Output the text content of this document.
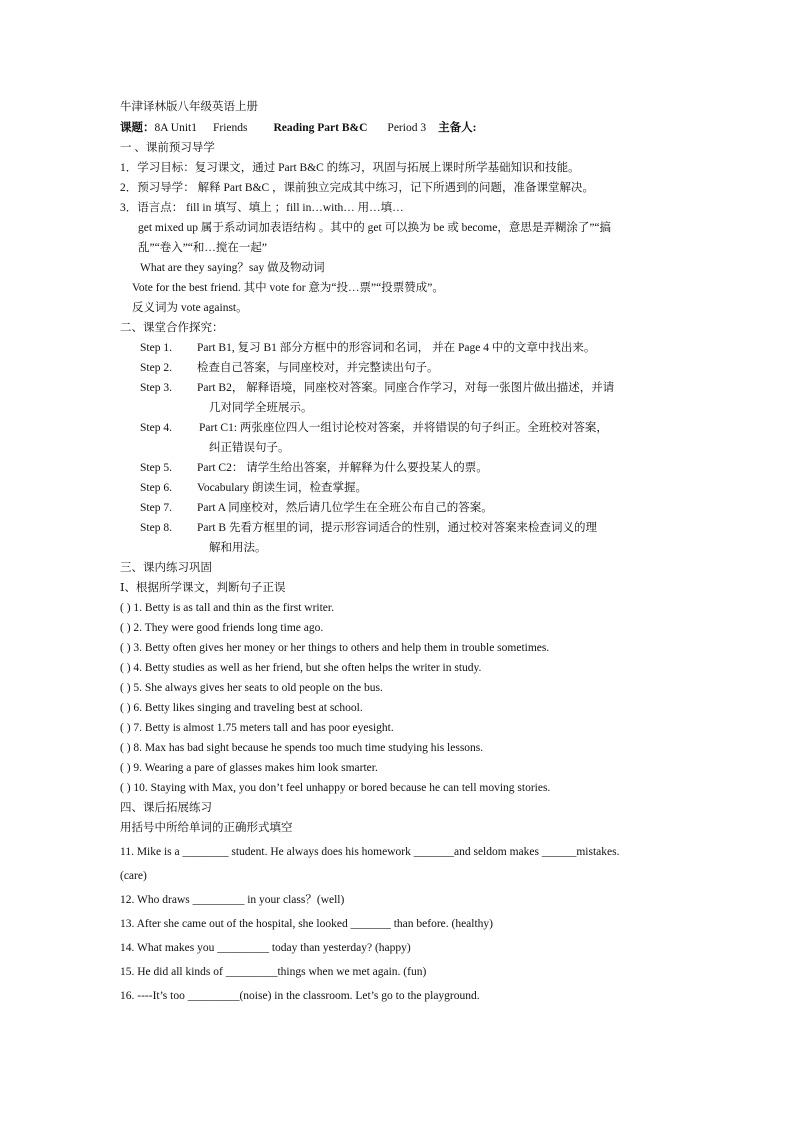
牛津译林版八年级英语上册
课题：8A Unit1 Friends Reading Part B&C Period 3 主备人:
一 、课前预习导学
1．学习目标：复习课文，通过 Part B&C 的练习，巩固与拓展上课时所学基础知识和技能。
2．预习导学： 解释 Part B&C ，课前独立完成其中练习，记下所遇到的问题，准备课堂解决。
3．语言点： fill in 填写、填上 ；fill in…with… 用…填…
get mixed up 属于系动词加表语结构 。其中的 get 可以换为 be 或 become，意思是弄糊涂了”“搞
乱”“卷入”“和…搅在一起”
What are they saying？say 做及物动词
Vote for the best friend. 其中 vote for 意为“投…票”“投票赞成”。
反义词为 vote against。
二、课堂合作探究：
Step 1. Part B1, 复习 B1 部分方框中的形容词和名词， 并在 Page 4 中的文章中找出来。
Step 2. 检查自己答案，与同座校对，并完整读出句子。
Step 3. Part B2， 解释语境，同座校对答案。同座合作学习，对每一张图片做出描述，并请
几对同学全班展示。
Step 4. Part C1: 两张座位四人一组讨论校对答案，并将错误的句子纠正。全班校对答案，
纠正错误句子。
Step 5. Part C2： 请学生给出答案，并解释为什么要投某人的票。
Step 6. Vocabulary 朗读生词，检查掌握。
Step 7. Part A 同座校对，然后请几位学生在全班公布自己的答案。
Step 8. Part B 先看方框里的词，提示形容词适合的性别，通过校对答案来检查词义的理
解和用法。
三、课内练习巩固
Ⅰ、根据所学课文，判断句子正误
( ) 1. Betty is as tall and thin as the first writer.
( ) 2. They were good friends long time ago.
( ) 3. Betty often gives her money or her things to others and help them in trouble sometimes.
( ) 4. Betty studies as well as her friend, but she often helps the writer in study.
( ) 5. She always gives her seats to old people on the bus.
( ) 6. Betty likes singing and traveling best at school.
( ) 7. Betty is almost 1.75 meters tall and has poor eyesight.
( ) 8. Max has bad sight because he spends too much time studying his lessons.
( ) 9. Wearing a pare of glasses makes him look smarter.
( ) 10. Staying with Max, you don’t feel unhappy or bored because he can tell moving stories.
四、课后拓展练习
用括号中所给单词的正确形式填空
11. Mike is a ________ student. He always does his homework _______and seldom makes ______mistakes.
(care)
12. Who draws _________ in your class？(well)
13. After she came out of the hospital, she looked _______ than before. (healthy)
14. What makes you _________ today than yesterday? (happy)
15. He did all kinds of _________things when we met again. (fun)
16. ----It’s too _________(noise) in the classroom. Let’s go to the playground.
